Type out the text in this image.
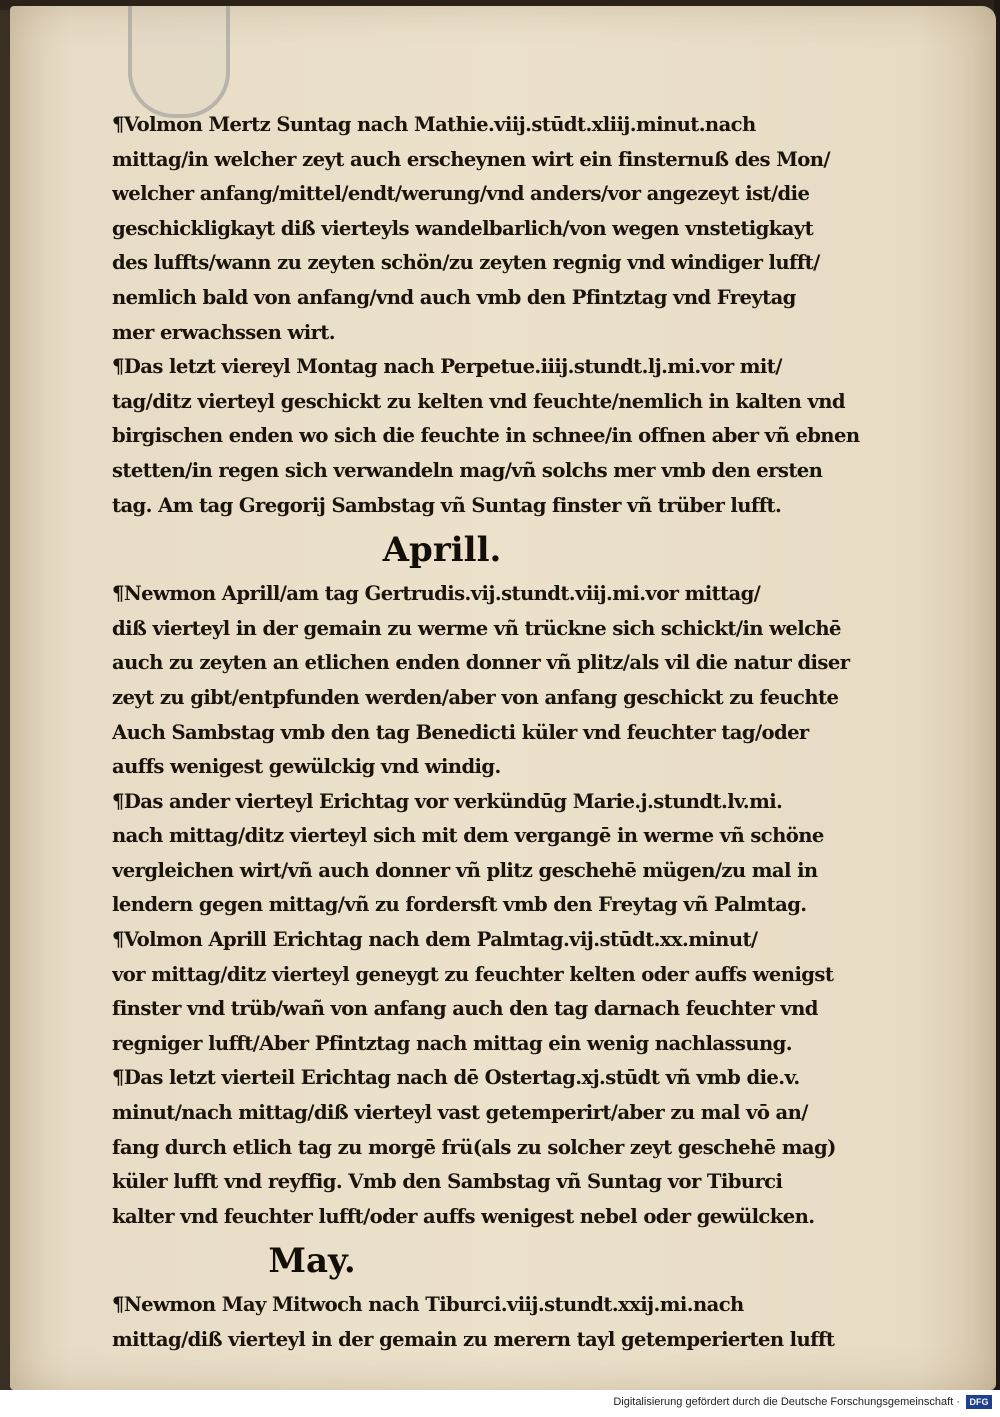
¶Volmon Mertz Suntag nach Mathie.viij.stūdt.xliij.minut.nach
mittag/in welcher zeyt auch erscheynen wirt ein finsternuß des Mon/
welcher anfang/mittel/endt/werung/vnd anders/vor angezeyt ist/die
geschickligkayt diß vierteyls wandelbarlich/von wegen vnstetigkayt
des luffts/wann zu zeyten schön/zu zeyten regnig vnd windiger lufft/
nemlich bald von anfang/vnd auch vmb den Pfintztag vnd Freytag
mer erwachssen wirt.
¶Das letzt viereyl Montag nach Perpetue.iiij.stundt.lj.mi.vor mit/
tag/ditz vierteyl geschickt zu kelten vnd feuchte/nemlich in kalten vnd
birgischen enden wo sich die feuchte in schnee/in offnen aber vñ ebnen
stetten/in regen sich verwandeln mag/vñ solchs mer vmb den ersten
tag. Am tag Gregorij Sambstag vñ Suntag finster vñ trüber lufft.
Aprill.
¶Newmon Aprill/am tag Gertrudis.vij.stundt.viij.mi.vor mittag/
diß vierteyl in der gemain zu werme vñ trückne sich schickt/in welchē
auch zu zeyten an etlichen enden donner vñ plitz/als vil die natur diser
zeyt zu gibt/entpfunden werden/aber von anfang geschickt zu feuchte
Auch Sambstag vmb den tag Benedicti küler vnd feuchter tag/oder
auffs wenigest gewülckig vnd windig.
¶Das ander vierteyl Erichtag vor verkündūg Marie.j.stundt.lv.mi.
nach mittag/ditz vierteyl sich mit dem vergangē in werme vñ schöne
vergleichen wirt/vñ auch donner vñ plitz geschehē mügen/zu mal in
lendern gegen mittag/vñ zu fordersft vmb den Freytag vñ Palmtag.
¶Volmon Aprill Erichtag nach dem Palmtag.vij.stūdt.xx.minut/
vor mittag/ditz vierteyl geneygt zu feuchter kelten oder auffs wenigst
finster vnd trüb/wañ von anfang auch den tag darnach feuchter vnd
regniger lufft/Aber Pfintztag nach mittag ein wenig nachlassung.
¶Das letzt vierteil Erichtag nach dē Ostertag.xj.stūdt vñ vmb die.v.
minut/nach mittag/diß vierteyl vast getemperirt/aber zu mal vō an/
fang durch etlich tag zu morgē frü(als zu solcher zeyt geschehē mag)
küler lufft vnd reyffig. Vmb den Sambstag vñ Suntag vor Tiburci
kalter vnd feuchter lufft/oder auffs wenigest nebel oder gewülcken.
May.
¶Newmon May Mitwoch nach Tiburci.viij.stundt.xxij.mi.nach
mittag/diß vierteyl in der gemain zu merern tayl getemperierten lufft
Digitalisierung gefördert durch die Deutsche Forschungsgemeinschaft ·	DFG
